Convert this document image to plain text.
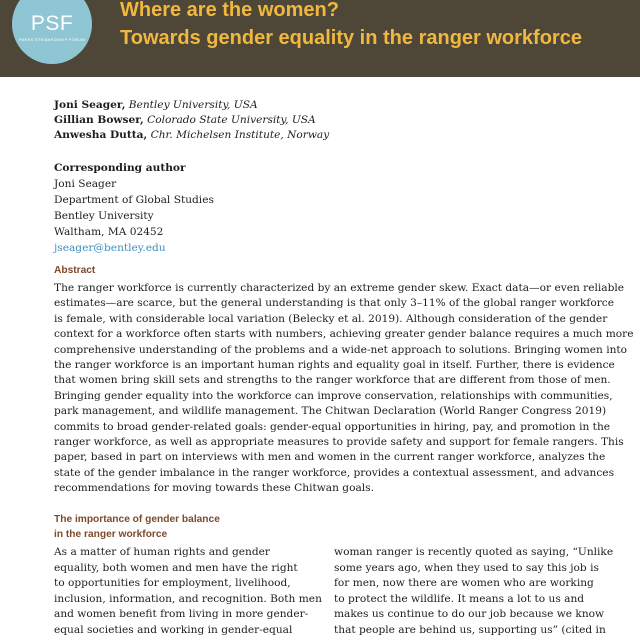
PSF
PARKS STEWARDSHIP FORUM
Where are the women?
Towards gender equality in the ranger workforce
Joni Seager, Bentley University, USA
Gillian Bowser, Colorado State University, USA
Anwesha Dutta, Chr. Michelsen Institute, Norway
Corresponding author
Joni Seager
Department of Global Studies
Bentley University
Waltham, MA 02452
jseager@bentley.edu
Abstract
The ranger workforce is currently characterized by an extreme gender skew. Exact data—or even reliable
estimates—are scarce, but the general understanding is that only 3–11% of the global ranger workforce
is female, with considerable local variation (Belecky et al. 2019). Although consideration of the gender
context for a workforce often starts with numbers, achieving greater gender balance requires a much more
comprehensive understanding of the problems and a wide-net approach to solutions. Bringing women into
the ranger workforce is an important human rights and equality goal in itself. Further, there is evidence
that women bring skill sets and strengths to the ranger workforce that are different from those of men.
Bringing gender equality into the workforce can improve conservation, relationships with communities,
park management, and wildlife management. The Chitwan Declaration (World Ranger Congress 2019)
commits to broad gender-related goals: gender-equal opportunities in hiring, pay, and promotion in the
ranger workforce, as well as appropriate measures to provide safety and support for female rangers. This
paper, based in part on interviews with men and women in the current ranger workforce, analyzes the
state of the gender imbalance in the ranger workforce, provides a contextual assessment, and advances
recommendations for moving towards these Chitwan goals.
The importance of gender balance
in the ranger workforce
As a matter of human rights and gender
equality, both women and men have the right
to opportunities for employment, livelihood,
inclusion, information, and recognition. Both men
and women benefit from living in more gender-
equal societies and working in gender-equal
woman ranger is recently quoted as saying, “Unlike
some years ago, when they used to say this job is
for men, now there are women who are working
to protect the wildlife. It means a lot to us and
makes us continue to do our job because we know
that people are behind us, supporting us” (cited in
